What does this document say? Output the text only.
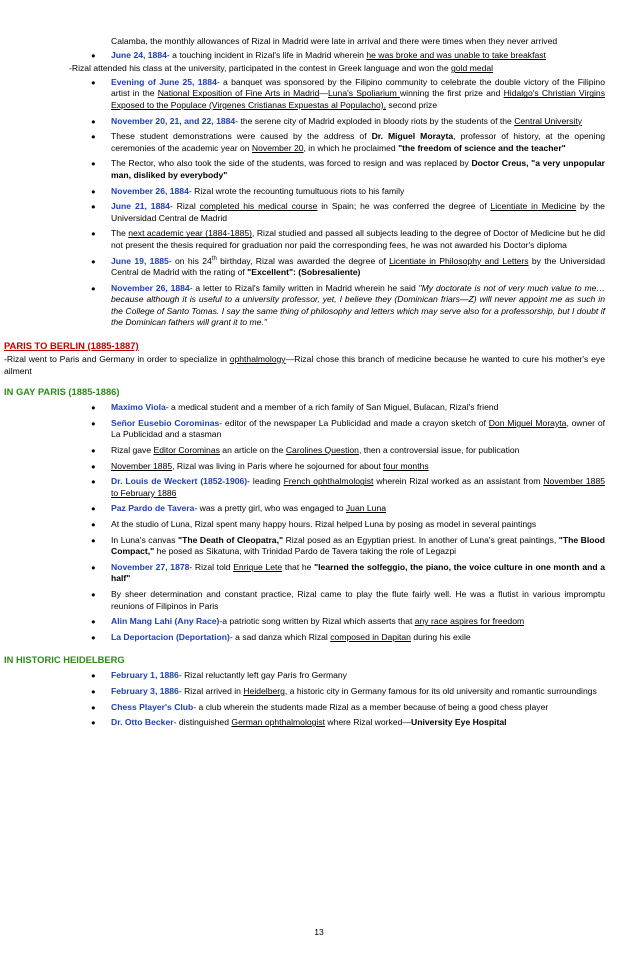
Calamba, the monthly allowances of Rizal in Madrid were late in arrival and there were times when they never arrived
● June 24, 1884- a touching incident in Rizal's life in Madrid wherein he was broke and was unable to take breakfast
-Rizal attended his class at the university, participated in the contest in Greek language and won the gold medal
● Evening of June 25, 1884- a banquet was sponsored by the Filipino community to celebrate the double victory of the Filipino artist in the National Exposition of Fine Arts in Madrid—Luna's Spoliarium winning the first prize and Hidalgo's Christian Virgins Exposed to the Populace (Virgenes Cristianas Expuestas al Populacho), second prize
● November 20, 21, and 22, 1884- the serene city of Madrid exploded in bloody riots by the students of the Central University
● These student demonstrations were caused by the address of Dr. Miguel Morayta, professor of history, at the opening ceremonies of the academic year on November 20, in which he proclaimed "the freedom of science and the teacher"
● The Rector, who also took the side of the students, was forced to resign and was replaced by Doctor Creus, "a very unpopular man, disliked by everybody"
● November 26, 1884- Rizal wrote the recounting tumultuous riots to his family
● June 21, 1884- Rizal completed his medical course in Spain; he was conferred the degree of Licentiate in Medicine by the Universidad Central de Madrid
● The next academic year (1884-1885), Rizal studied and passed all subjects leading to the degree of Doctor of Medicine but he did not present the thesis required for graduation nor paid the corresponding fees, he was not awarded his Doctor's diploma
● June 19, 1885- on his 24th birthday, Rizal was awarded the degree of Licentiate in Philosophy and Letters by the Universidad Central de Madrid with the rating of "Excellent": (Sobresaliente)
● November 26, 1884- a letter to Rizal's family written in Madrid wherein he said "My doctorate is not of very much value to me… because although it is useful to a university professor, yet, I believe they (Dominican friars—Z) will never appoint me as such in the College of Santo Tomas. I say the same thing of philosophy and letters which may serve also for a professorship, but I doubt if the Dominican fathers will grant it to me."
PARIS TO BERLIN (1885-1887)
-Rizal went to Paris and Germany in order to specialize in ophthalmology—Rizal chose this branch of medicine because he wanted to cure his mother's eye ailment
IN GAY PARIS (1885-1886)
● Maximo Viola- a medical student and a member of a rich family of San Miguel, Bulacan, Rizal's friend
● Señor Eusebio Corominas- editor of the newspaper La Publicidad and made a crayon sketch of Don Miguel Morayta, owner of La Publicidad and a stasman
● Rizal gave Editor Corominas an article on the Carolines Question, then a controversial issue, for publication
● November 1885, Rizal was living in Paris where he sojourned for about four months
● Dr. Louis de Weckert (1852-1906)- leading French ophthalmologist wherein Rizal worked as an assistant from November 1885 to February 1886
● Paz Pardo de Tavera- was a pretty girl, who was engaged to Juan Luna
● At the studio of Luna, Rizal spent many happy hours. Rizal helped Luna by posing as model in several paintings
● In Luna's canvas "The Death of Cleopatra," Rizal posed as an Egyptian priest. In another of Luna's great paintings, "The Blood Compact," he posed as Sikatuna, with Trinidad Pardo de Tavera taking the role of Legazpi
● November 27, 1878- Rizal told Enrique Lete that he "learned the solfeggio, the piano, the voice culture in one month and a half"
● By sheer determination and constant practice, Rizal came to play the flute fairly well. He was a flutist in various impromptu reunions of Filipinos in Paris
● Alin Mang Lahi (Any Race)-a patriotic song written by Rizal which asserts that any race aspires for freedom
● La Deportacion (Deportation)- a sad danza which Rizal composed in Dapitan during his exile
IN HISTORIC HEIDELBERG
● February 1, 1886- Rizal reluctantly left gay Paris fro Germany
● February 3, 1886- Rizal arrived in Heidelberg, a historic city in Germany famous for its old university and romantic surroundings
● Chess Player's Club- a club wherein the students made Rizal as a member because of being a good chess player
● Dr. Otto Becker- distinguished German ophthalmologist where Rizal worked—University Eye Hospital
13
